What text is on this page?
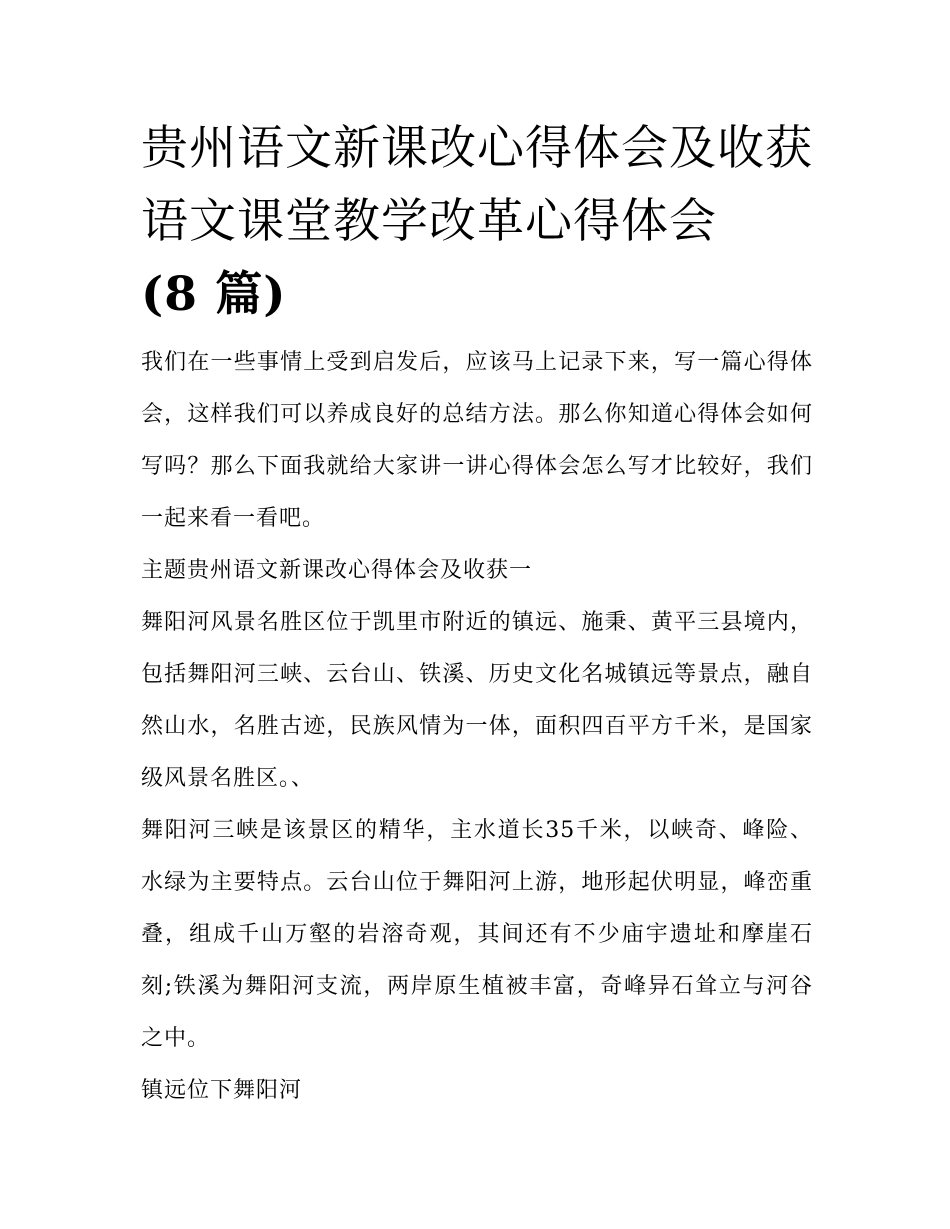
贵州语文新课改心得体会及收获 语文课堂教学改革心得体会
(8 篇)

我们在一些事情上受到启发后，应该马上记录下来，写一篇心得体会，这样我们可以养成良好的总结方法。那么你知道心得体会如何写吗？那么下面我就给大家讲一讲心得体会怎么写才比较好，我们一起来看一看吧。

主题贵州语文新课改心得体会及收获一

舞阳河风景名胜区位于凯里市附近的镇远、施秉、黄平三县境内，包括舞阳河三峡、云台山、铁溪、历史文化名城镇远等景点，融自然山水，名胜古迹，民族风情为一体，面积四百平方千米，是国家级风景名胜区。、

舞阳河三峡是该景区的精华，主水道长35千米，以峡奇、峰险、水绿为主要特点。云台山位于舞阳河上游，地形起伏明显，峰峦重叠，组成千山万壑的岩溶奇观，其间还有不少庙宇遗址和摩崖石刻;铁溪为舞阳河支流，两岸原生植被丰富，奇峰异石耸立与河谷之中。

镇远位下舞阳河
